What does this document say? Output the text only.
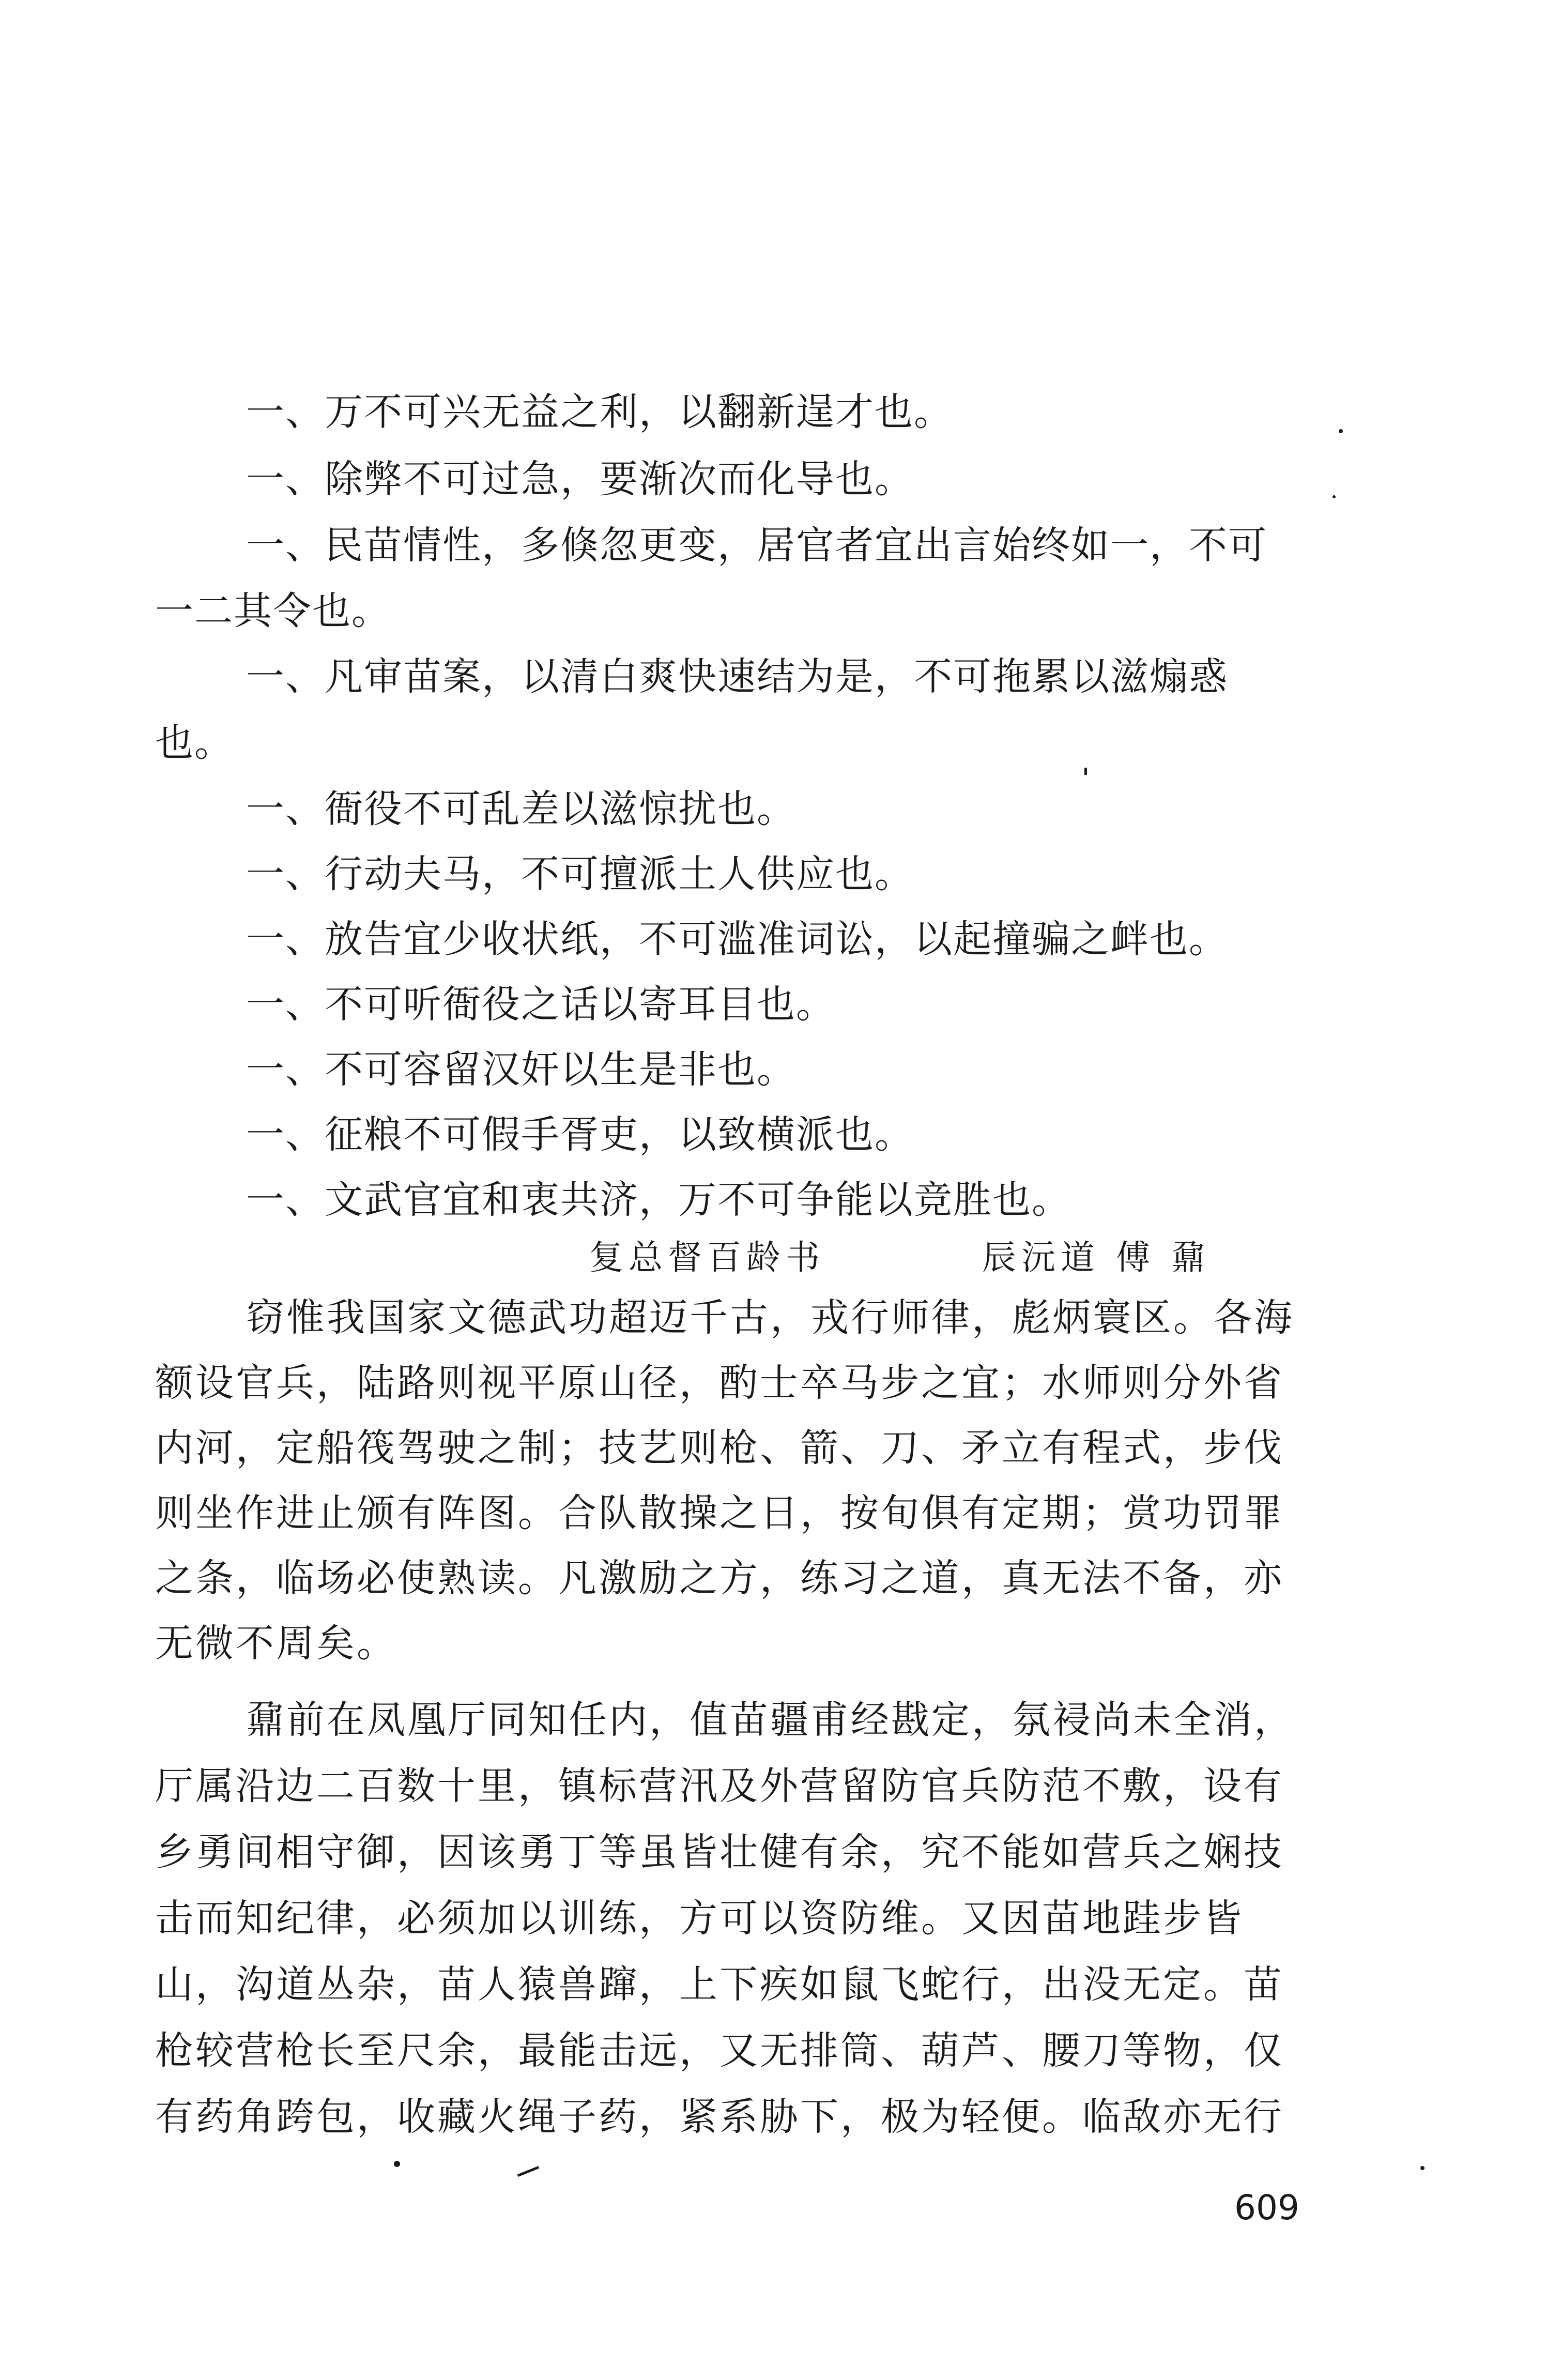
一、万不可兴无益之利，以翻新逞才也。
一、除弊不可过急，要渐次而化导也。
一、民苗情性，多倏忽更变，居官者宜出言始终如一，不可
一二其令也。
一、凡审苗案，以清白爽快速结为是，不可拖累以滋煽惑
也。
一、衙役不可乱差以滋惊扰也。
一、行动夫马，不可擅派土人供应也。
一、放告宜少收状纸，不可滥准词讼，以起撞骗之衅也。
一、不可听衙役之话以寄耳目也。
一、不可容留汉奸以生是非也。
一、征粮不可假手胥吏，以致横派也。
一、文武官宜和衷共济，万不可争能以竞胜也。
复总督百龄书	辰沅道 傅 鼐
窃惟我国家文德武功超迈千古，戎行师律，彪炳寰区。各海
额设官兵，陆路则视平原山径，酌士卒马步之宜；水师则分外省
内河，定船筏驾驶之制；技艺则枪、箭、刀、矛立有程式，步伐
则坐作进止颁有阵图。合队散操之日，按旬俱有定期；赏功罚罪
之条，临场必使熟读。凡激励之方，练习之道，真无法不备，亦
无微不周矣。
鼐前在凤凰厅同知任内，值苗疆甫经戡定，氛祲尚未全消，
厅属沿边二百数十里，镇标营汛及外营留防官兵防范不敷，设有
乡勇间相守御，因该勇丁等虽皆壮健有余，究不能如营兵之娴技
击而知纪律，必须加以训练，方可以资防维。又因苗地跬步皆
山，沟道丛杂，苗人猿兽蹿，上下疾如鼠飞蛇行，出没无定。苗
枪较营枪长至尺余，最能击远，又无排筒、葫芦、腰刀等物，仅
有药角跨包，收藏火绳子药，紧系胁下，极为轻便。临敌亦无行
609
